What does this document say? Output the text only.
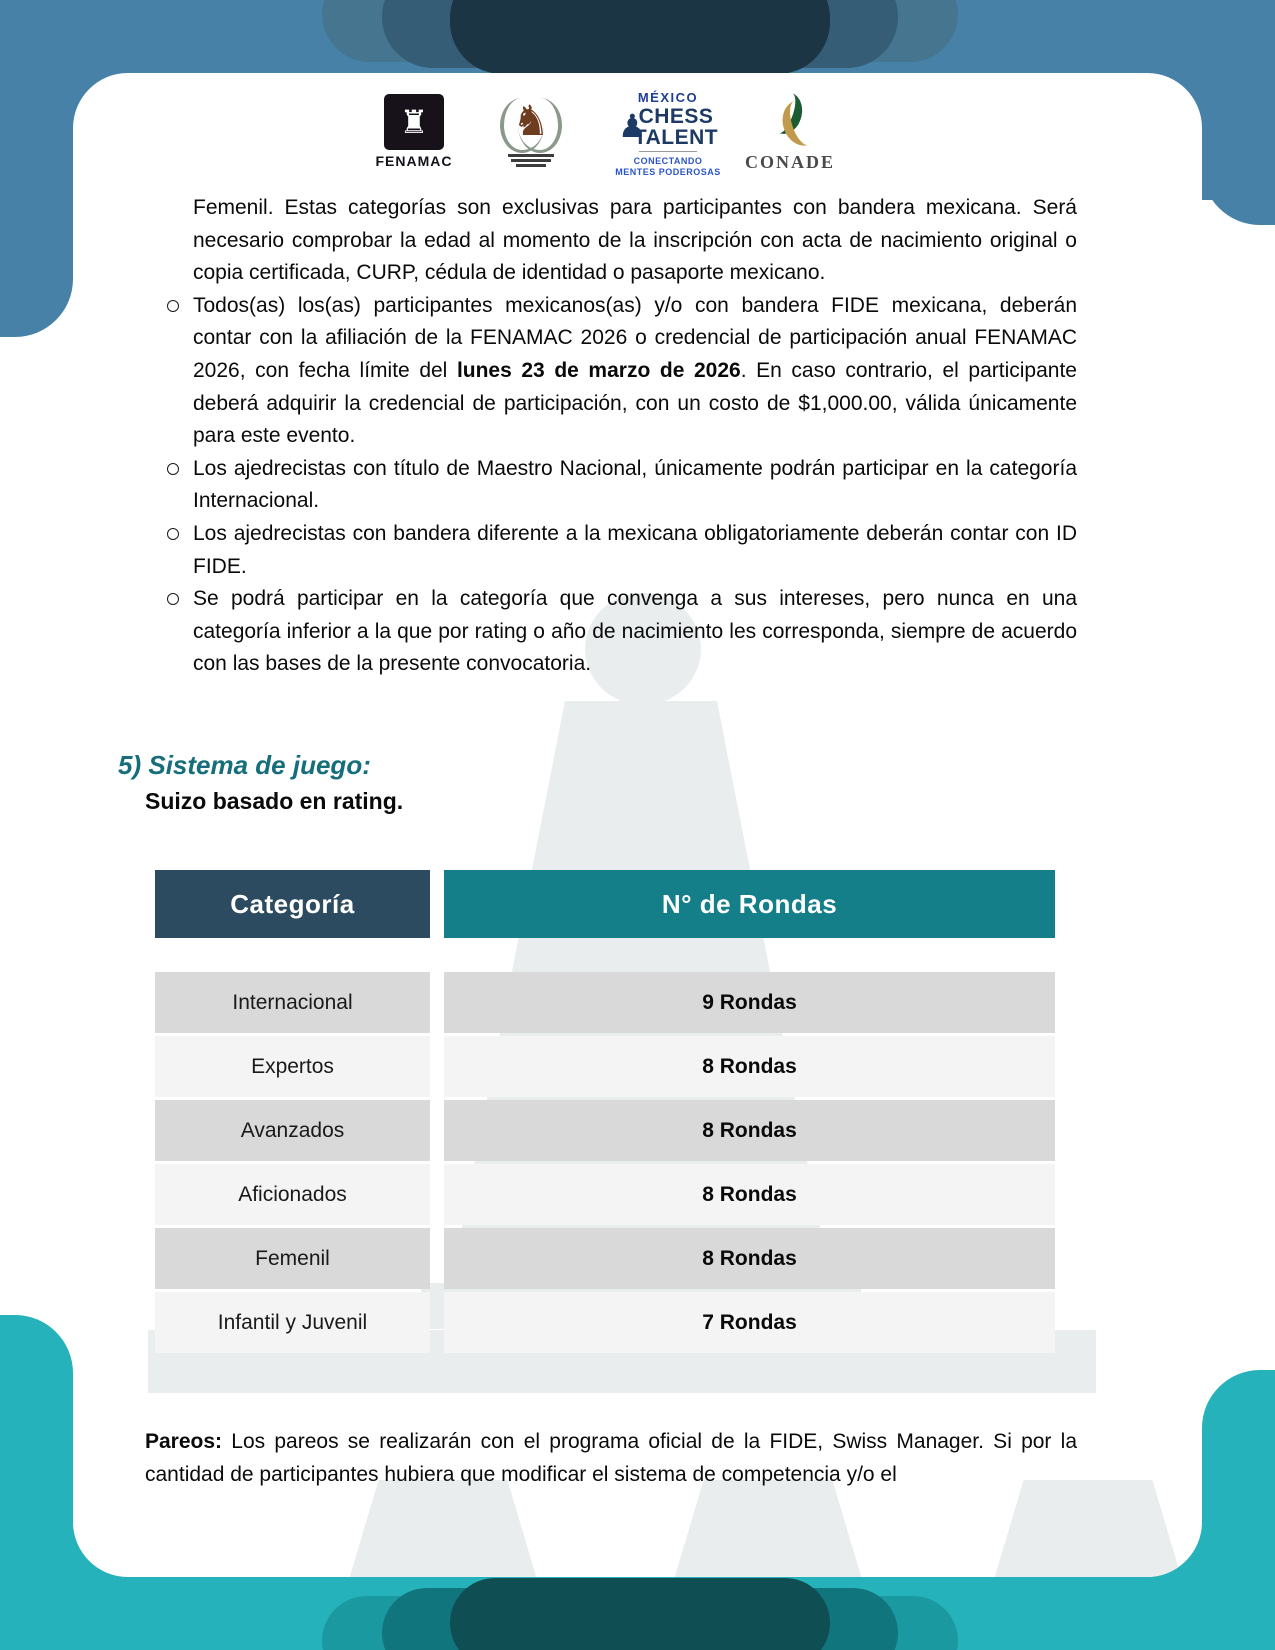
♜
FENAMAC
♞	MÉXICO
♟
CHESS
TALENT
CONECTANDO
MENTES PODEROSAS CONADE
Femenil. Estas categorías son exclusivas para participantes con bandera mexicana. Será necesario comprobar la edad al momento de la inscripción con acta de nacimiento original o copia certificada, CURP, cédula de identidad o pasaporte mexicano.
Todos(as) los(as) participantes mexicanos(as) y/o con bandera FIDE mexicana, deberán contar con la afiliación de la FENAMAC 2026 o credencial de participación anual FENAMAC 2026, con fecha límite del lunes 23 de marzo de 2026. En caso contrario, el participante deberá adquirir la credencial de participación, con un costo de $1,000.00, válida únicamente para este evento.
Los ajedrecistas con título de Maestro Nacional, únicamente podrán participar en la categoría Internacional.
Los ajedrecistas con bandera diferente a la mexicana obligatoriamente deberán contar con ID FIDE.
Se podrá participar en la categoría que convenga a sus intereses, pero nunca en una categoría inferior a la que por rating o año de nacimiento les corresponda, siempre de acuerdo con las bases de la presente convocatoria.
5) Sistema de juego:
Suizo basado en rating.
Categoría	N° de Rondas
Internacional	9 Rondas
Expertos	8 Rondas
Avanzados	8 Rondas
Aficionados	8 Rondas
Femenil	8 Rondas
Infantil y Juvenil	7 Rondas
Pareos: Los pareos se realizarán con el programa oficial de la FIDE, Swiss Manager. Si por la cantidad de participantes hubiera que modificar el sistema de competencia y/o el
